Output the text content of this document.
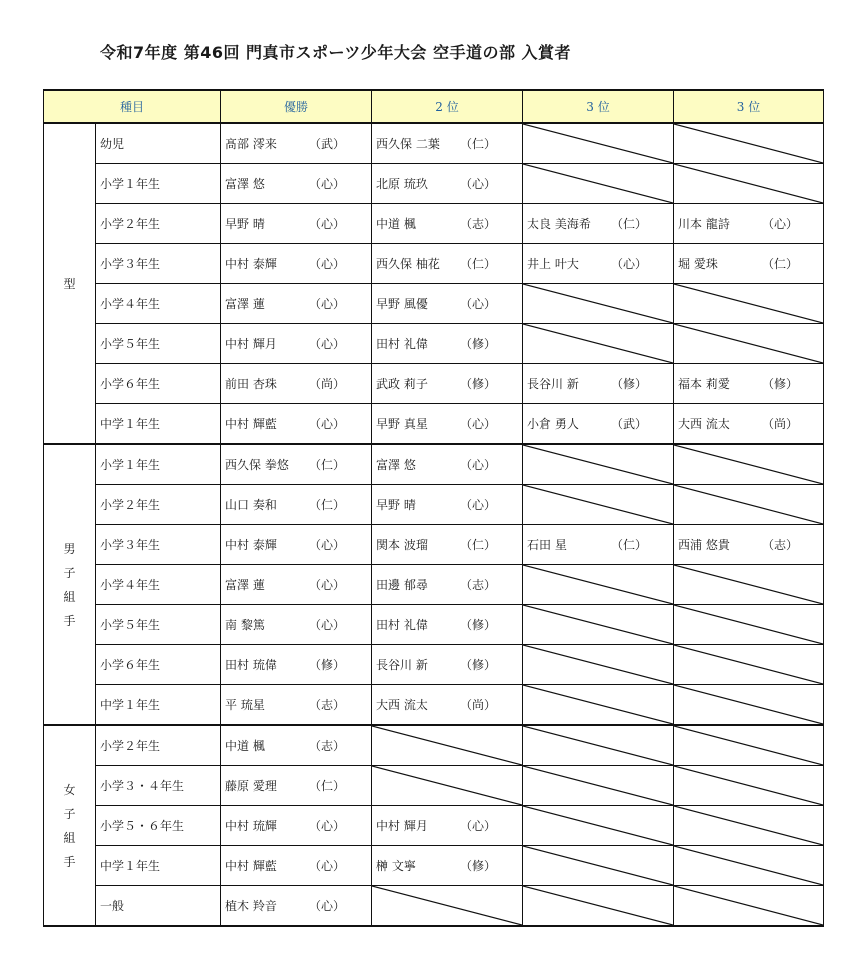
令和7年度 第46回 門真市スポーツ少年大会 空手道の部 入賞者
種目		優勝	2 位	3 位	3 位
型	幼児	髙部 澪来 （武）	西久保 二葉 （仁）	

	小学１年生	富澤 悠 （心）	北原 琉玖 （心）	

	小学２年生	早野 晴 （心）	中道 楓 （志）	太良 美海希 （仁）	川本 龍詩 （心）
	小学３年生	中村 泰輝 （心）	西久保 柚花 （仁）	井上 叶大 （心）	堀 愛珠 （仁）
	小学４年生	富澤 蓮 （心）	早野 風優 （心）	

	小学５年生	中村 輝月 （心）	田村 礼偉 （修）	

	小学６年生	前田 杏珠 （尚）	武政 莉子 （修）	長谷川 新 （修）	福本 莉愛 （修）
	中学１年生	中村 輝藍 （心）	早野 真星 （心）	小倉 勇人 （武）	大西 流太 （尚）
男子組手	小学１年生	西久保 拳悠 （仁）	富澤 悠 （心）	

	小学２年生	山口 奏和 （仁）	早野 晴 （心）	

	小学３年生	中村 泰輝 （心）	関本 波瑠 （仁）	石田 星 （仁）	西浦 悠貴 （志）
	小学４年生	富澤 蓮 （心）	田邊 郁尋 （志）	

	小学５年生	南 黎篤 （心）	田村 礼偉 （修）	

	小学６年生	田村 琉偉 （修）	長谷川 新 （修）	

	中学１年生	平 琉星 （志）	大西 流太 （尚）	

女子組手	小学２年生	中道 楓 （志）	

	小学３・４年生	藤原 愛理 （仁）	

	小学５・６年生	中村 琉輝 （心）	中村 輝月 （心）	

	中学１年生	中村 輝藍 （心）	榊 文寧 （修）	

	一般	植木 羚音 （心）	
